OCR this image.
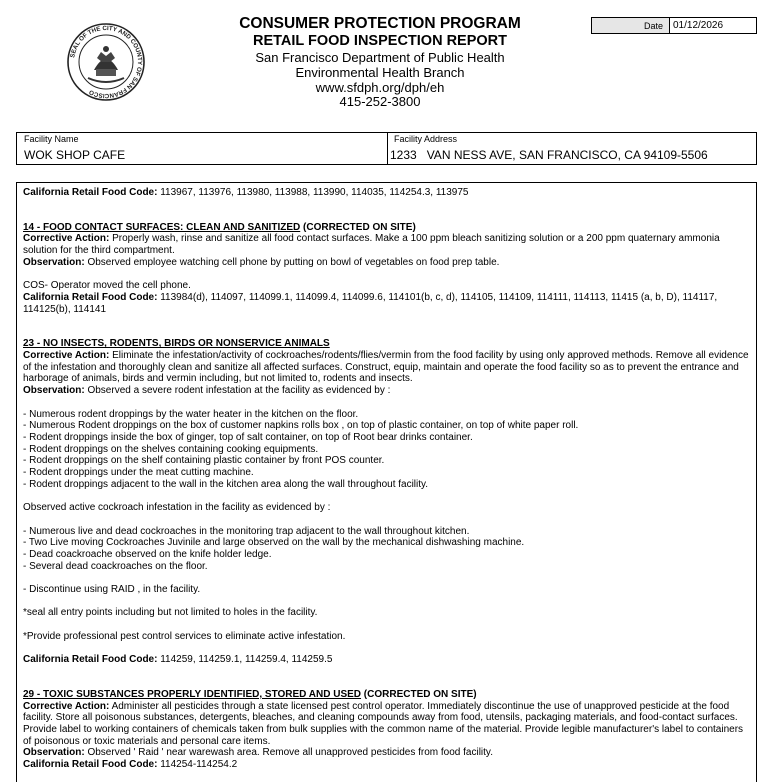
SEAL OF THE CITY AND COUNTY OF SAN FRANCISCO
CONSUMER PROTECTION PROGRAM
RETAIL FOOD INSPECTION REPORT
San Francisco Department of Public Health
Environmental Health Branch
www.sfdph.org/dph/eh
415-252-3800
Date	01/12/2026
Facility Name
WOK SHOP CAFE
Facility Address
1233   VAN NESS AVE, SAN FRANCISCO, CA 94109-5506

California Retail Food Code: 113967, 113976, 113980, 113988, 113990, 114035, 114254.3, 113975

14 - FOOD CONTACT SURFACES: CLEAN AND SANITIZED (CORRECTED ON SITE)

Corrective Action: Properly wash, rinse and sanitize all food contact surfaces. Make a 100 ppm bleach sanitizing solution or a 200 ppm quaternary ammonia solution for the third compartment.

Observation: Observed employee watching cell phone by putting on bowl of vegetables on food prep table.

COS- Operator moved the cell phone.

California Retail Food Code: 113984(d), 114097, 114099.1, 114099.4, 114099.6, 114101(b, c, d), 114105, 114109, 114111, 114113, 11415 (a, b, D), 114117, 114125(b), 114141

23 - NO INSECTS, RODENTS, BIRDS OR NONSERVICE ANIMALS

Corrective Action: Eliminate the infestation/activity of cockroaches/rodents/flies/vermin from the food facility by using only approved methods. Remove all evidence of the infestation and thoroughly clean and sanitize all affected surfaces. Construct, equip, maintain and operate the food facility so as to prevent the entrance and harborage of animals, birds and vermin including, but not limited to, rodents and insects.

Observation: Observed a severe rodent infestation at the facility as evidenced by :

- Numerous rodent droppings by the water heater in the kitchen on the floor.

- Numerous Rodent droppings on the box of customer napkins rolls box , on top of plastic container, on top of white paper roll.

- Rodent droppings inside the box of ginger, top of salt container, on top of Root bear drinks container.

- Rodent droppings on the shelves containing cooking equipments.

- Rodent droppings on the shelf containing plastic container by front POS counter.

- Rodent droppings under the meat cutting machine.

- Rodent droppings adjacent to the wall in the kitchen area along the wall throughout facility.

Observed active cockroach infestation in the facility as evidenced by :

- Numerous live and dead cockroaches in the monitoring trap adjacent to the wall throughout kitchen.

- Two Live moving Cockroaches Juvinile and large observed on the wall by the mechanical dishwashing machine.

- Dead coackroache observed on the knife holder ledge.

- Several dead coackroaches on the floor.

- Discontinue using RAID , in the facility.

*seal all entry points including but not limited to holes in the facility.

*Provide professional pest control services to eliminate active infestation.

California Retail Food Code: 114259, 114259.1, 114259.4, 114259.5

29 - TOXIC SUBSTANCES PROPERLY IDENTIFIED, STORED AND USED (CORRECTED ON SITE)

Corrective Action: Administer all pesticides through a state licensed pest control operator. Immediately discontinue the use of unapproved pesticide at the food facility. Store all poisonous substances, detergents, bleaches, and cleaning compounds away from food, utensils, packaging materials, and food-contact surfaces. Provide label to working containers of chemicals taken from bulk supplies with the common name of the material. Provide legible manufacturer's label to containers of poisonous or toxic materials and personal care items.

Observation: Observed ' Raid ' near warewash area. Remove all unapproved pesticides from food facility.

California Retail Food Code: 114254-114254.2
